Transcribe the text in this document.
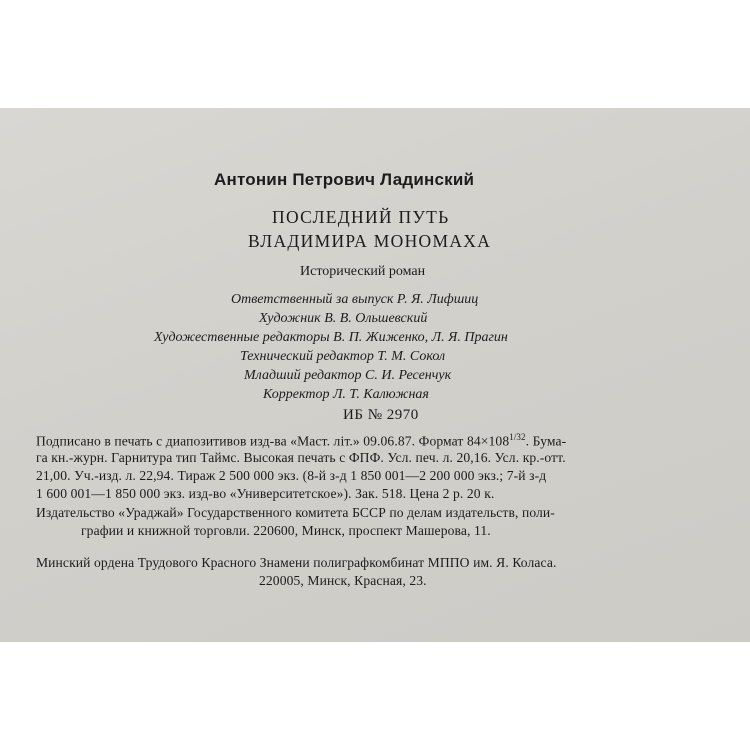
Антонин Петрович Ладинский
ПОСЛЕДНИЙ ПУТЬ
ВЛАДИМИРА МОНОМАХА
Исторический роман
Ответственный за выпуск Р. Я. Лифшиц
Художник В. В. Ольшевский
Художественные редакторы В. П. Жиженко, Л. Я. Прагин
Технический редактор Т. М. Сокол
Младший редактор С. И. Ресенчук
Корректор Л. Т. Калюжная
ИБ № 2970
Подписано в печать с диапозитивов изд-ва «Маст. літ.» 09.06.87. Формат $84\times 108^{1/32}$. Бума-
га кн.-журн. Гарнитура тип Таймс. Высокая печать с ФПФ. Усл. печ. л. 20,16. Усл. кр.-отт.
21,00. Уч.-изд. л. 22,94. Тираж 2 500 000 экз. (8-й з-д 1 850 001—2 200 000 экз.; 7-й з-д
1 600 001—1 850 000 экз. изд-во «Университетское»). Зак. 518. Цена 2 р. 20 к.
Издательство «Ураджай» Государственного комитета БССР по делам издательств, поли-
графии и книжной торговли. 220600, Минск, проспект Машерова, 11.
Минский ордена Трудового Красного Знамени полиграфкомбинат МППО им. Я. Коласа.
220005, Минск, Красная, 23.
